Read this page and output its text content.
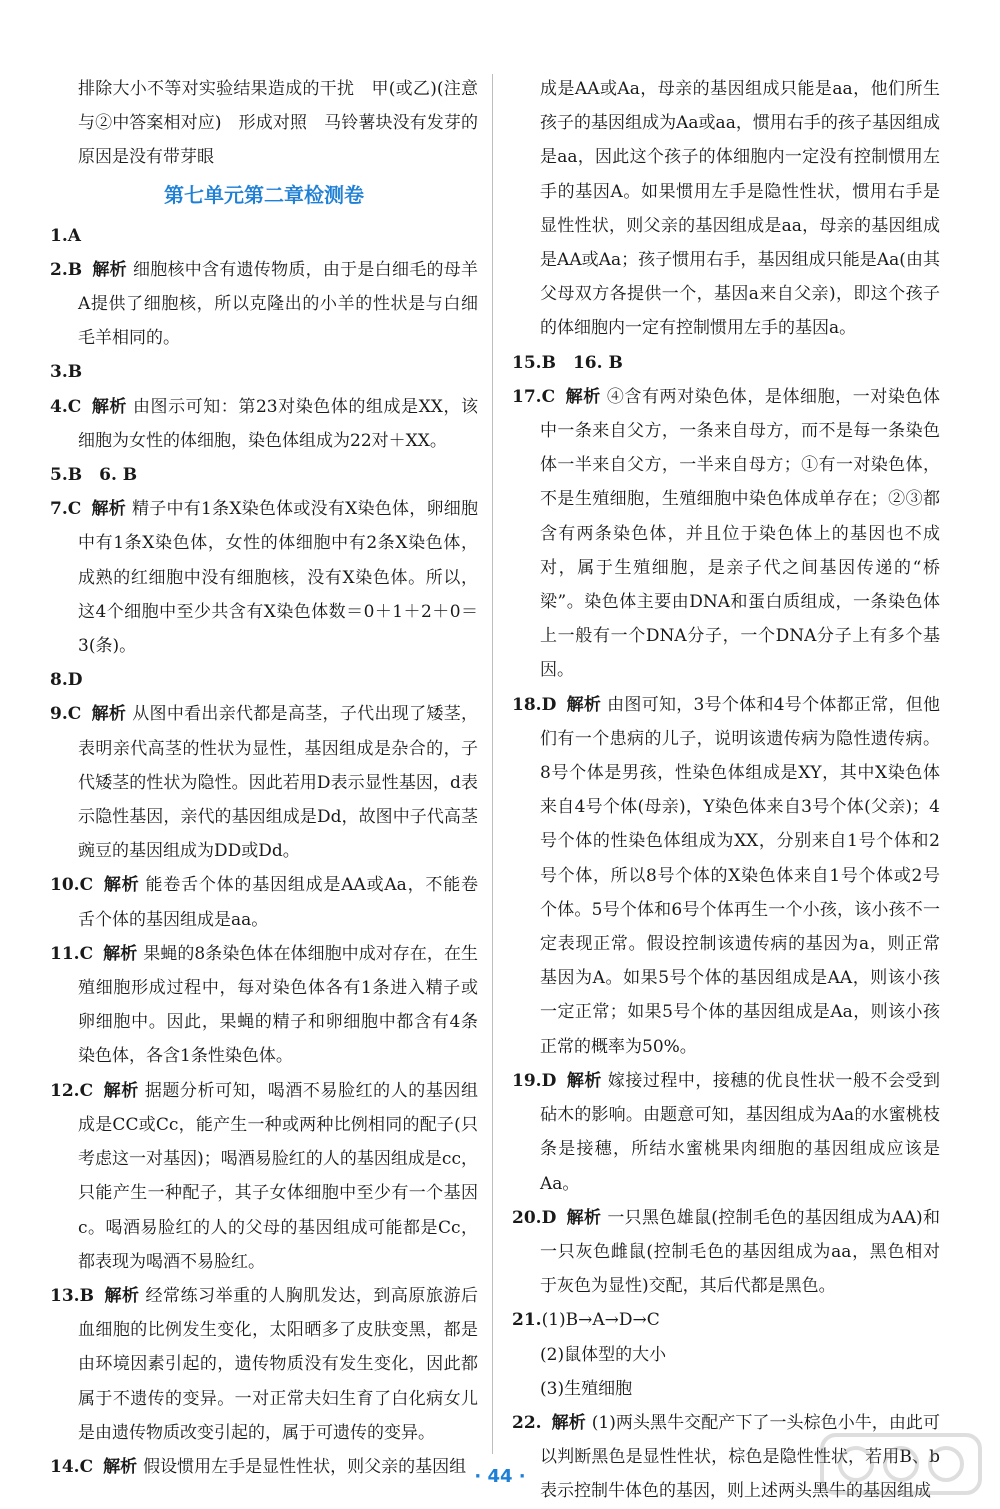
排除大小不等对实验结果造成的干扰　甲(或乙)(注意与②中答案相对应)　形成对照　马铃薯块没有发芽的原因是没有带芽眼

第七单元第二章检测卷

1.A

2.B 解析 细胞核中含有遗传物质，由于是白细毛的母羊A提供了细胞核，所以克隆出的小羊的性状是与白细毛羊相同的。

3.B

4.C 解析 由图示可知：第23对染色体的组成是XX，该细胞为女性的体细胞，染色体组成为22对＋XX。

5.B　6. B

7.C 解析 精子中有1条X染色体或没有X染色体，卵细胞中有1条X染色体，女性的体细胞中有2条X染色体，成熟的红细胞中没有细胞核，没有X染色体。所以，这4个细胞中至少共含有X染色体数＝0＋1＋2＋0＝3(条)。

8.D

9.C 解析 从图中看出亲代都是高茎，子代出现了矮茎，表明亲代高茎的性状为显性，基因组成是杂合的，子代矮茎的性状为隐性。因此若用D表示显性基因，d表示隐性基因，亲代的基因组成是Dd，故图中子代高茎豌豆的基因组成为DD或Dd。

10.C 解析 能卷舌个体的基因组成是AA或Aa，不能卷舌个体的基因组成是aa。

11.C 解析 果蝇的8条染色体在体细胞中成对存在，在生殖细胞形成过程中，每对染色体各有1条进入精子或卵细胞中。因此，果蝇的精子和卵细胞中都含有4条染色体，各含1条性染色体。

12.C 解析 据题分析可知，喝酒不易脸红的人的基因组成是CC或Cc，能产生一种或两种比例相同的配子(只考虑这一对基因)；喝酒易脸红的人的基因组成是cc，只能产生一种配子，其子女体细胞中至少有一个基因c。喝酒易脸红的人的父母的基因组成可能都是Cc，都表现为喝酒不易脸红。

13.B 解析 经常练习举重的人胸肌发达，到高原旅游后血细胞的比例发生变化，太阳晒多了皮肤变黑，都是由环境因素引起的，遗传物质没有发生变化，因此都属于不遗传的变异。一对正常夫妇生育了白化病女儿是由遗传物质改变引起的，属于可遗传的变异。

14.C 解析 假设惯用左手是显性性状，则父亲的基因组

成是AA或Aa，母亲的基因组成只能是aa，他们所生孩子的基因组成为Aa或aa，惯用右手的孩子基因组成是aa，因此这个孩子的体细胞内一定没有控制惯用左手的基因A。如果惯用左手是隐性性状，惯用右手是显性性状，则父亲的基因组成是aa，母亲的基因组成是AA或Aa；孩子惯用右手，基因组成只能是Aa(由其父母双方各提供一个，基因a来自父亲)，即这个孩子的体细胞内一定有控制惯用左手的基因a。

15.B　16. B

17.C 解析 ④含有两对染色体，是体细胞，一对染色体中一条来自父方，一条来自母方，而不是每一条染色体一半来自父方，一半来自母方；①有一对染色体，不是生殖细胞，生殖细胞中染色体成单存在；②③都含有两条染色体，并且位于染色体上的基因也不成对，属于生殖细胞，是亲子代之间基因传递的“桥梁”。染色体主要由DNA和蛋白质组成，一条染色体上一般有一个DNA分子，一个DNA分子上有多个基因。

18.D 解析 由图可知，3号个体和4号个体都正常，但他们有一个患病的儿子，说明该遗传病为隐性遗传病。8号个体是男孩，性染色体组成是XY，其中X染色体来自4号个体(母亲)，Y染色体来自3号个体(父亲)；4号个体的性染色体组成为XX，分别来自1号个体和2号个体，所以8号个体的X染色体来自1号个体或2号个体。5号个体和6号个体再生一个小孩，该小孩不一定表现正常。假设控制该遗传病的基因为a，则正常基因为A。如果5号个体的基因组成是AA，则该小孩一定正常；如果5号个体的基因组成是Aa，则该小孩正常的概率为50%。

19.D 解析 嫁接过程中，接穗的优良性状一般不会受到砧木的影响。由题意可知，基因组成为Aa的水蜜桃枝条是接穗，所结水蜜桃果肉细胞的基因组成应该是Aa。

20.D 解析 一只黑色雄鼠(控制毛色的基因组成为AA)和一只灰色雌鼠(控制毛色的基因组成为aa，黑色相对于灰色为显性)交配，其后代都是黑色。

21.(1)B→A→D→C

(2)鼠体型的大小

(3)生殖细胞

22. 解析 (1)两头黑牛交配产下了一头棕色小牛，由此可以判断黑色是显性性状，棕色是隐性性状，若用B、b表示控制牛体色的基因，则上述两头黑牛的基因组成

· 44 ·
